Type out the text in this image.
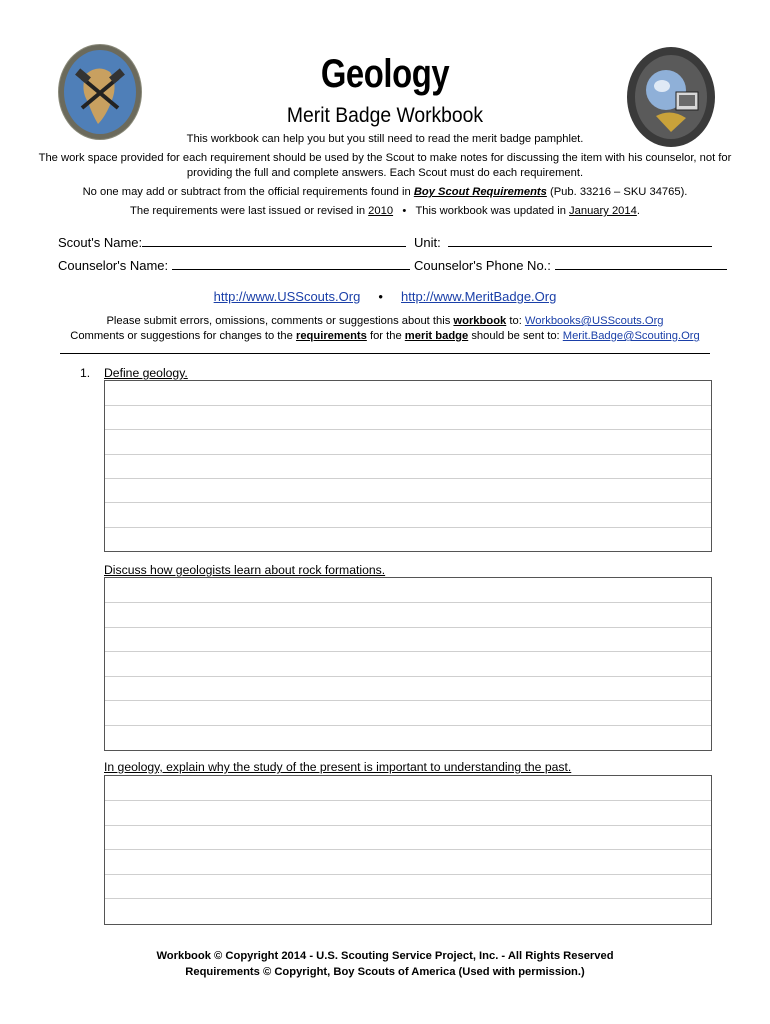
Geology
Merit Badge Workbook
This workbook can help you but you still need to read the merit badge pamphlet.
The work space provided for each requirement should be used by the Scout to make notes for discussing the item with his counselor, not for
providing the full and complete answers. Each Scout must do each requirement.
No one may add or subtract from the official requirements found in Boy Scout Requirements (Pub. 33216 – SKU 34765).
The requirements were last issued or revised in 2010 • This workbook was updated in January 2014.
Scout's Name:	Unit:
Counselor's Name:	Counselor's Phone No.:
http://www.USScouts.Org • http://www.MeritBadge.Org
Please submit errors, omissions, comments or suggestions about this workbook to: Workbooks@USScouts.Org
Comments or suggestions for changes to the requirements for the merit badge should be sent to: Merit.Badge@Scouting.Org
1. Define geology.
Discuss how geologists learn about rock formations.
In geology, explain why the study of the present is important to understanding the past.
Workbook © Copyright 2014 - U.S. Scouting Service Project, Inc. - All Rights Reserved
Requirements © Copyright, Boy Scouts of America (Used with permission.)
